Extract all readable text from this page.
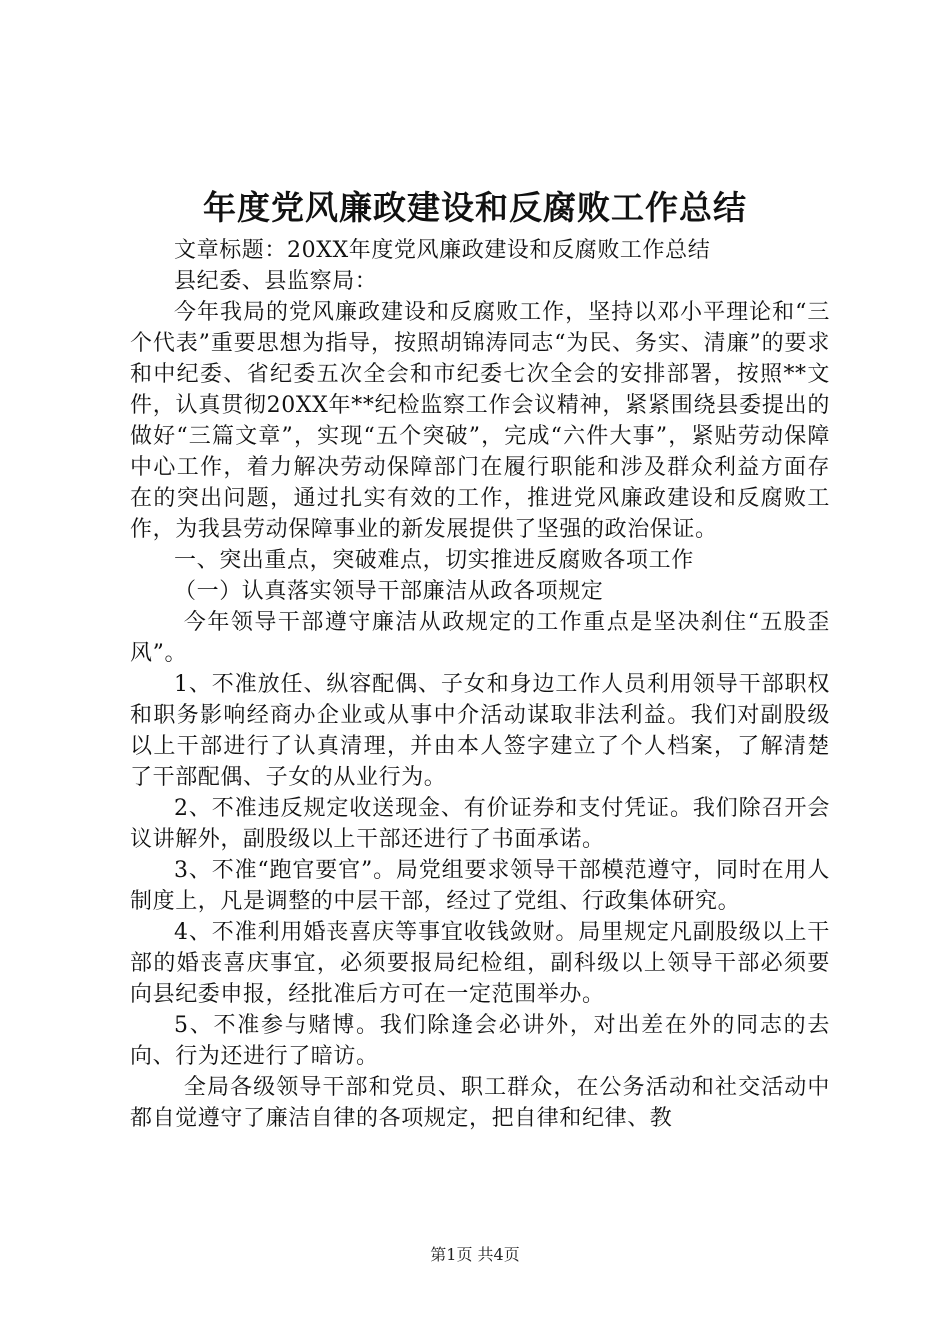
年度党风廉政建设和反腐败工作总结

文章标题：20XX年度党风廉政建设和反腐败工作总结

县纪委、县监察局：

今年我局的党风廉政建设和反腐败工作，坚持以邓小平理论和“三个代表”重要思想为指导，按照胡锦涛同志“为民、务实、清廉”的要求和中纪委、省纪委五次全会和市纪委七次全会的安排部署，按照**文件，认真贯彻20XX年**纪检监察工作会议精神，紧紧围绕县委提出的做好“三篇文章”，实现“五个突破”，完成“六件大事”，紧贴劳动保障中心工作，着力解决劳动保障部门在履行职能和涉及群众利益方面存在的突出问题，通过扎实有效的工作，推进党风廉政建设和反腐败工作，为我县劳动保障事业的新发展提供了坚强的政治保证。

一、突出重点，突破难点，切实推进反腐败各项工作

（一）认真落实领导干部廉洁从政各项规定

今年领导干部遵守廉洁从政规定的工作重点是坚决刹住“五股歪风”。

1、不准放任、纵容配偶、子女和身边工作人员利用领导干部职权和职务影响经商办企业或从事中介活动谋取非法利益。我们对副股级以上干部进行了认真清理，并由本人签字建立了个人档案，了解清楚了干部配偶、子女的从业行为。

2、不准违反规定收送现金、有价证券和支付凭证。我们除召开会议讲解外，副股级以上干部还进行了书面承诺。

3、不准“跑官要官”。局党组要求领导干部模范遵守，同时在用人制度上，凡是调整的中层干部，经过了党组、行政集体研究。

4、不准利用婚丧喜庆等事宜收钱敛财。局里规定凡副股级以上干部的婚丧喜庆事宜，必须要报局纪检组，副科级以上领导干部必须要向县纪委申报，经批准后方可在一定范围举办。

5、不准参与赌博。我们除逢会必讲外，对出差在外的同志的去向、行为还进行了暗访。

全局各级领导干部和党员、职工群众，在公务活动和社交活动中都自觉遵守了廉洁自律的各项规定，把自律和纪律、教

第1页 共4页
